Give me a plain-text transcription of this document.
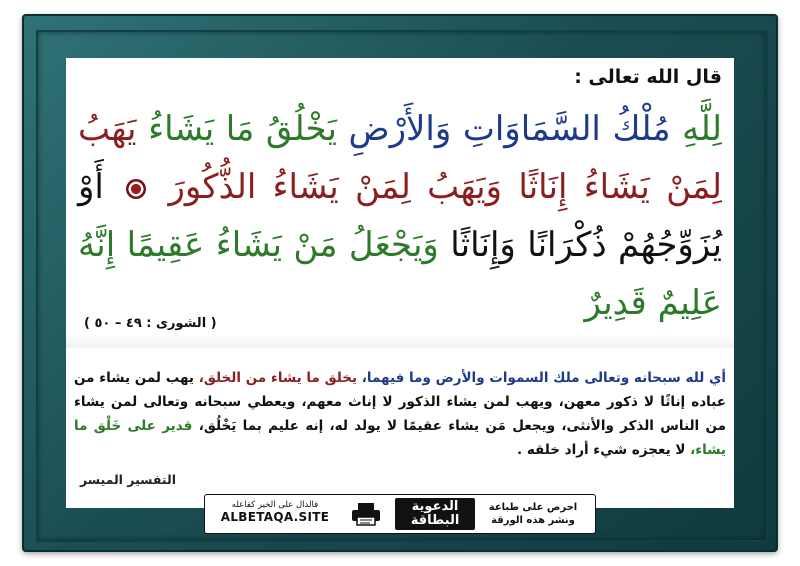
قال الله تعالى :
لِلَّهِ مُلْكُ السَّمَاوَاتِ وَالأَرْضِ يَخْلُقُ مَا يَشَاءُ يَهَبُ لِمَنْ يَشَاءُ إِنَاثًا وَيَهَبُ لِمَنْ يَشَاءُ الذُّكُورَ  أَوْ يُزَوِّجُهُمْ ذُكْرَانًا وَإِنَاثًا وَيَجْعَلُ مَنْ يَشَاءُ عَقِيمًا إِنَّهُ عَلِيمٌ قَدِيرٌ
( الشورى : ٤٩ – ٥٠ )
أي لله سبحانه وتعالى ملك السموات والأرض وما فيهما، يخلق ما يشاء من الخلق، يهب لمن يشاء من عباده إناثًا لا ذكور معهن، ويهب لمن يشاء الذكور لا إناث معهم، ويعطي سبحانه وتعالى لمن يشاء من الناس الذكر والأنثى، ويجعل مَن يشاء عقيمًا لا يولد له، إنه عليم بما يَخْلُق، قدير على خَلْق ما يشاء، لا يعجزه شيء أراد خلقه .
التفسير الميسر
فالدال على الخير كفاعله
ALBETAQA.SITE
الدعوية
البطاقة
احرص على طباعة
ونشر هذه الورقة
